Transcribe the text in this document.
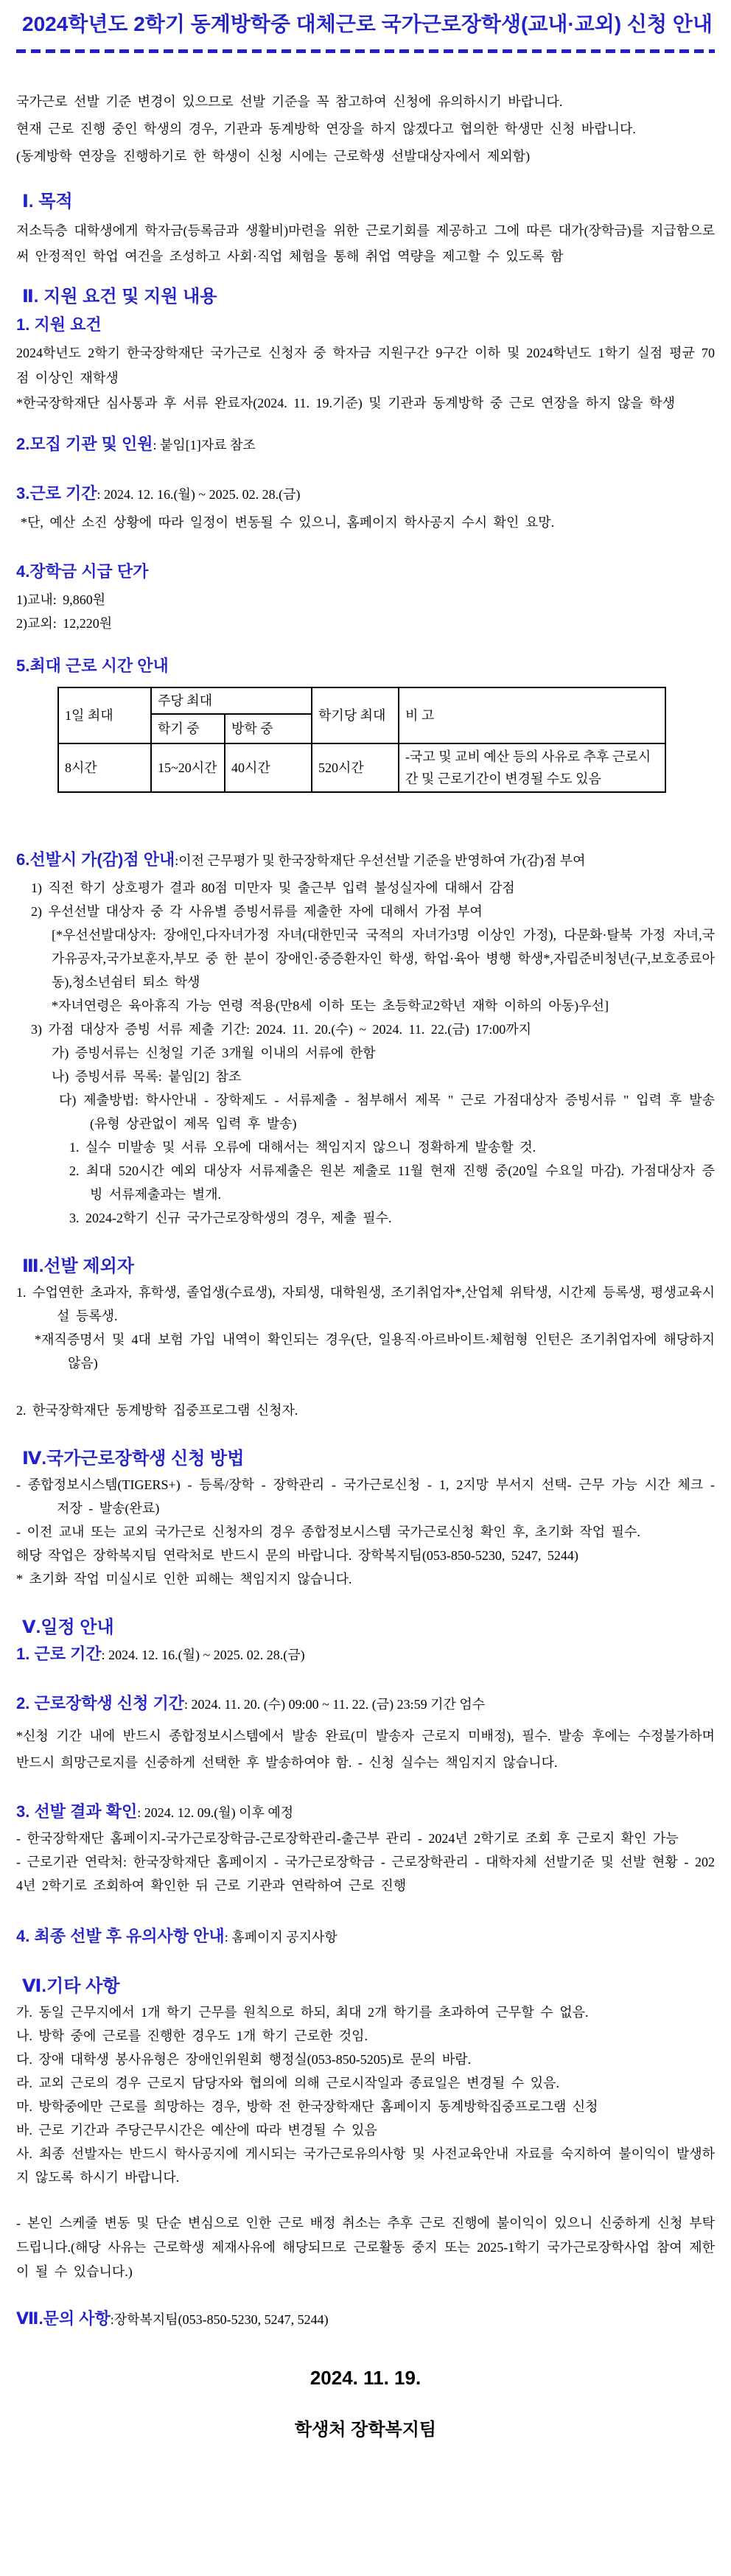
2024학년도 2학기 동계방학중 대체근로 국가근로장학생(교내·교외) 신청 안내

국가근로 선발 기준 변경이 있으므로 선발 기준을 꼭 참고하여 신청에 유의하시기 바랍니다.

현재 근로 진행 중인 학생의 경우, 기관과 동계방학 연장을 하지 않겠다고 협의한 학생만 신청 바랍니다.

(동계방학 연장을 진행하기로 한 학생이 신청 시에는 근로학생 선발대상자에서 제외함)

Ⅰ. 목적

저소득층 대학생에게 학자금(등록금과 생활비)마련을 위한 근로기회를 제공하고 그에 따른 대가(장학금)를 지급함으로써 안정적인 학업 여건을 조성하고 사회·직업 체험을 통해 취업 역량을 제고할 수 있도록 함

Ⅱ. 지원 요건 및 지원 내용
1. 지원 요건

2024학년도 2학기 한국장학재단 국가근로 신청자 중 학자금 지원구간 9구간 이하 및 2024학년도 1학기 실점 평균 70점 이상인 재학생

*한국장학재단 심사통과 후 서류 완료자(2024. 11. 19.기준) 및 기관과 동계방학 중 근로 연장을 하지 않을 학생

2.모집 기관 및 인원: 붙임[1]자료 참조

3.근로 기간: 2024. 12. 16.(월) ~ 2025. 02. 28.(금)

*단, 예산 소진 상황에 따라 일정이 변동될 수 있으니, 홈페이지 학사공지 수시 확인 요망.

4.장학금 시급 단가

1)교내: 9,860원

2)교외: 12,220원

5.최대 근로 시간 안내
1일 최대	주당 최대		학기당 최대	비 고
	학기 중	방학 중		
8시간	15~20시간	40시간	520시간	-국고 및 교비 예산 등의 사유로 추후 근로시간 및 근로기간이 변경될 수도 있음

6.선발시 가(감)점 안내:이전 근무평가 및 한국장학재단 우선선발 기준을 반영하여 가(감)점 부여

1) 직전 학기 상호평가 결과 80점 미만자 및 출근부 입력 불성실자에 대해서 감점

2) 우선선발 대상자 중 각 사유별 증빙서류를 제출한 자에 대해서 가점 부여

[*우선선발대상자: 장애인,다자녀가정 자녀(대한민국 국적의 자녀가3명 이상인 가정), 다문화·탈북 가정 자녀,국가유공자,국가보훈자,부모 중 한 분이 장애인·중증환자인 학생, 학업·육아 병행 학생*,자립준비청년(구,보호종료아동),청소년쉼터 퇴소 학생

*자녀연령은 육아휴직 가능 연령 적용(만8세 이하 또는 초등학교2학년 재학 이하의 아동)우선]

3) 가점 대상자 증빙 서류 제출 기간: 2024. 11. 20.(수) ~ 2024. 11. 22.(금) 17:00까지

가) 증빙서류는 신청일 기준 3개월 이내의 서류에 한함

나) 증빙서류 목록: 붙임[2] 참조

다) 제출방법: 학사안내 - 장학제도 - 서류제출 - 첨부해서 제목 " 근로 가점대상자 증빙서류 " 입력 후 발송 (유형 상관없이 제목 입력 후 발송)

1. 실수 미발송 및 서류 오류에 대해서는 책임지지 않으니 정확하게 발송할 것.

2. 최대 520시간 예외 대상자 서류제출은 원본 제출로 11월 현재 진행 중(20일 수요일 마감). 가점대상자 증빙 서류제출과는 별개.

3. 2024-2학기 신규 국가근로장학생의 경우, 제출 필수.

Ⅲ.선발 제외자

1. 수업연한 초과자, 휴학생, 졸업생(수료생), 자퇴생, 대학원생, 조기취업자*,산업체 위탁생, 시간제 등록생, 평생교육시설 등록생.

*재직증명서 및 4대 보험 가입 내역이 확인되는 경우(단, 일용직·아르바이트·체험형 인턴은 조기취업자에 해당하지 않음)

2. 한국장학재단 동계방학 집중프로그램 신청자.

Ⅳ.국가근로장학생 신청 방법

- 종합정보시스템(TIGERS+) - 등록/장학 - 장학관리 - 국가근로신청 - 1, 2지망 부서지 선택- 근무 가능 시간 체크 - 저장 - 발송(완료)

- 이전 교내 또는 교외 국가근로 신청자의 경우 종합정보시스템 국가근로신청 확인 후, 초기화 작업 필수.

해당 작업은 장학복지팀 연락처로 반드시 문의 바랍니다. 장학복지팀(053-850-5230, 5247, 5244)

* 초기화 작업 미실시로 인한 피해는 책임지지 않습니다.

Ⅴ.일정 안내

1. 근로 기간: 2024. 12. 16.(월) ~ 2025. 02. 28.(금)

2. 근로장학생 신청 기간: 2024. 11. 20. (수) 09:00 ~ 11. 22. (금) 23:59 기간 엄수

*신청 기간 내에 반드시 종합정보시스템에서 발송 완료(미 발송자 근로지 미배정), 필수. 발송 후에는 수정불가하며 반드시 희망근로지를 신중하게 선택한 후 발송하여야 함. - 신청 실수는 책임지지 않습니다.

3. 선발 결과 확인: 2024. 12. 09.(월) 이후 예정

- 한국장학재단 홈페이지-국가근로장학금-근로장학관리-출근부 관리 - 2024년 2학기로 조회 후 근로지 확인 가능

- 근로기관 연락처: 한국장학재단 홈페이지 - 국가근로장학금 - 근로장학관리 - 대학자체 선발기준 및 선발 현황 - 2024년 2학기로 조회하여 확인한 뒤 근로 기관과 연락하여 근로 진행

4. 최종 선발 후 유의사항 안내: 홈페이지 공지사항

Ⅵ.기타 사항

가. 동일 근무지에서 1개 학기 근무를 원칙으로 하되, 최대 2개 학기를 초과하여 근무할 수 없음.

나. 방학 중에 근로를 진행한 경우도 1개 학기 근로한 것임.

다. 장애 대학생 봉사유형은 장애인위원회 행정실(053-850-5205)로 문의 바람.

라. 교외 근로의 경우 근로지 담당자와 협의에 의해 근로시작일과 종료일은 변경될 수 있음.

마. 방학중에만 근로를 희망하는 경우, 방학 전 한국장학재단 홈페이지 동계방학집중프로그램 신청

바. 근로 기간과 주당근무시간은 예산에 따라 변경될 수 있음

사. 최종 선발자는 반드시 학사공지에 게시되는 국가근로유의사항 및 사전교육안내 자료를 숙지하여 불이익이 발생하지 않도록 하시기 바랍니다.

- 본인 스케줄 변동 및 단순 변심으로 인한 근로 배정 취소는 추후 근로 진행에 불이익이 있으니 신중하게 신청 부탁드립니다.(해당 사유는 근로학생 제재사유에 해당되므로 근로활동 중지 또는 2025-1학기 국가근로장학사업 참여 제한이 될 수 있습니다.)

Ⅶ.문의 사항:장학복지팀(053-850-5230, 5247, 5244)

2024. 11. 19.
학생처 장학복지팀
